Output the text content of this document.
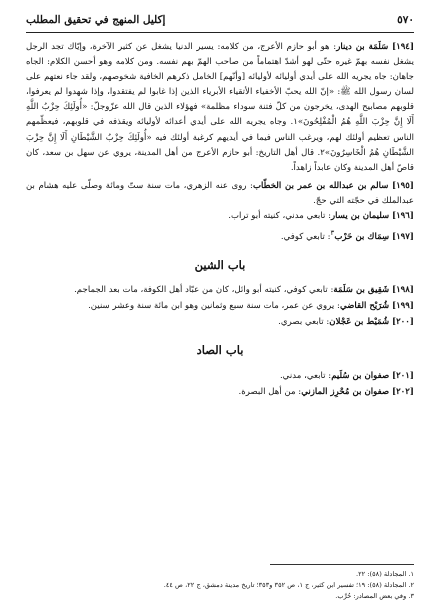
٥٧٠
إكليل المنهج في تحقيق المطلب

[١٩٤] سَلَمَة بن دينار: هو أبو حازم الأعرج، من كلامه: يسير الدنيا يشغل عن كثير الآخرة، وإيّاك تجد الرجل يشغل نفسه بهمّ غيره حتّى لهو أشدّ اهتماماً من صاحب الهمّ بهم نفسه. ومن كلامه وهو أحسن الكلام: الجاه جاهان: جاه يجريه الله على أيدي أوليائه لأوليائه [وأنّهم] الخامل ذكرهم الخافية شخوصهم، ولقد جاء نعتهم على لسان رسول الله ﷺ: «إنّ الله يحبّ الأخفياء الأتقياء الأبرياء الذين إذا غابوا لم يفتقدوا، وإذا شهدوا لم يعرفوا، قلوبهم مصابيح الهدى، يخرجون من كلّ فتنة سوداء مظلمة» فهؤلاء الذين قال الله عزّوجلّ: «أُولَئِكَ حِزْبُ اللَّهِ أَلَا إِنَّ حِزْبَ اللَّهِ هُمُ الْمُفْلِحُونَ»١. وجاه يجريه الله على أيدي أعدائه لأوليائه ويقذفه في قلوبهم، فيعظّمهم الناس تعظيم أولئك لهم، ويرغب الناس فيما في أيديهم كرغبة أولئك فيه «أُولَئِكَ حِزْبُ الشَّيْطَانِ أَلَا إِنَّ حِزْبَ الشَّيْطَانِ هُمُ الْخَاسِرُونَ»٢. قال أهل التاريخ: أبو حازم الأعرج من أهل المدينة، يروي عن سهل بن سعد، كان قاصّ أهل المدينة وكان عابداً زاهداً.

[١٩٥] سالم بن عبدالله بن عمر بن الخطّاب: روى عنه الزهري، مات سنة ستّ ومائة وصلّى عليه هشام بن عبدالملك في حجّته التي حجّ.

[١٩٦] سليمان بن يسار: تابعي مدني، كنيته أبو تراب.

[١٩٧] سِمَاك بن حَرْب$^٣$: تابعي كوفي.

باب الشين

[١٩٨] شَقِيق بن سَلَمَة: تابعي كوفي، كنيته أبو وائل، كان من عبّاد أهل الكوفة، مات بعد الجماجم.

[١٩٩] شُرَيْح القاضي: يروي عن عمر، مات سنة سبع وثمانين وهو ابن مائة سنة وعشر سنين.

[٢٠٠] شُمَيْط بن عَجْلان: تابعي بصري.

باب الصاد

[٢٠١] صفوان بن سُلَيم: تابعي، مدني.

[٢٠٢] صفوان بن مُحْرِز المازني: من أهل البصرة.

١. المجادلة (٥٨): ٢٢.

٢. المجادلة (٥٨): ١٩؛ تفسير ابن كثير، ج ١، ص ٣٥٢ و٣٥٣؛ تاريخ مدينة دمشق، ج ٢٢، ص ٤٤.

٣. وفي بعض المصادر: حُرَّب.
